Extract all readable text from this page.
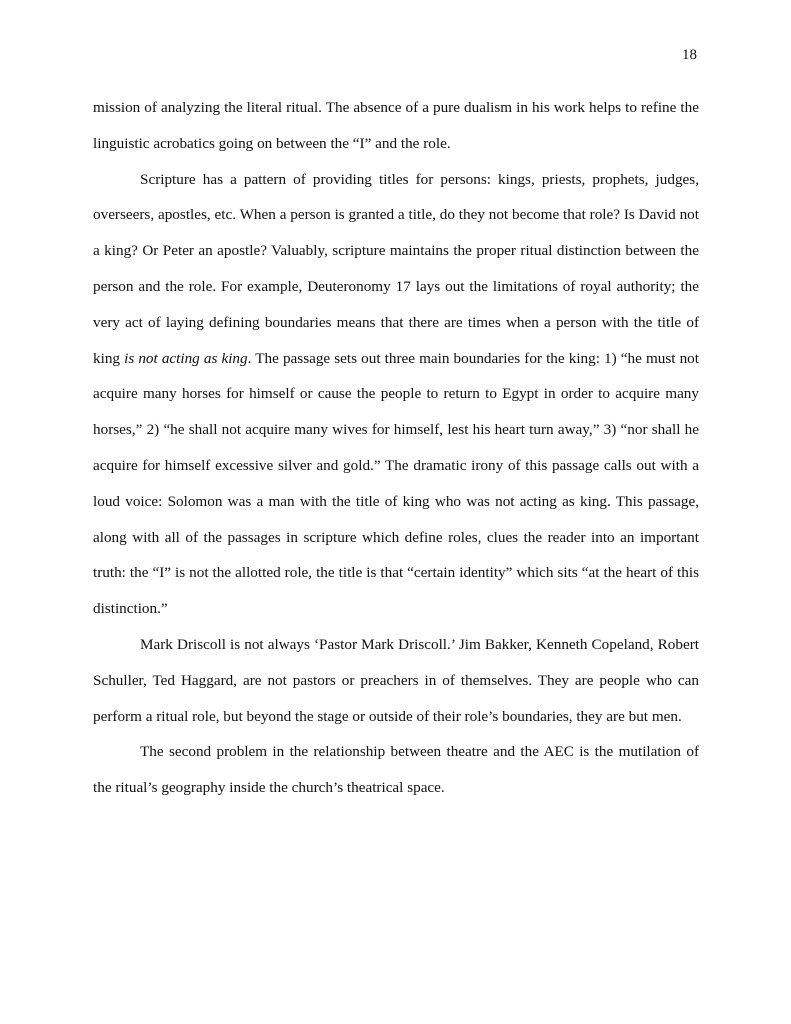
18

mission of analyzing the literal ritual. The absence of a pure dualism in his work helps to refine the linguistic acrobatics going on between the “I” and the role.

Scripture has a pattern of providing titles for persons: kings, priests, prophets, judges, overseers, apostles, etc. When a person is granted a title, do they not become that role? Is David not a king? Or Peter an apostle? Valuably, scripture maintains the proper ritual distinction between the person and the role. For example, Deuteronomy 17 lays out the limitations of royal authority; the very act of laying defining boundaries means that there are times when a person with the title of king is not acting as king. The passage sets out three main boundaries for the king: 1) “he must not acquire many horses for himself or cause the people to return to Egypt in order to acquire many horses,” 2) “he shall not acquire many wives for himself, lest his heart turn away,” 3) “nor shall he acquire for himself excessive silver and gold.” The dramatic irony of this passage calls out with a loud voice: Solomon was a man with the title of king who was not acting as king. This passage, along with all of the passages in scripture which define roles, clues the reader into an important truth: the “I” is not the allotted role, the title is that “certain identity” which sits “at the heart of this distinction.”

Mark Driscoll is not always ‘Pastor Mark Driscoll.’ Jim Bakker, Kenneth Copeland, Robert Schuller, Ted Haggard, are not pastors or preachers in of themselves. They are people who can perform a ritual role, but beyond the stage or outside of their role’s boundaries, they are but men.

The second problem in the relationship between theatre and the AEC is the mutilation of the ritual’s geography inside the church’s theatrical space.
